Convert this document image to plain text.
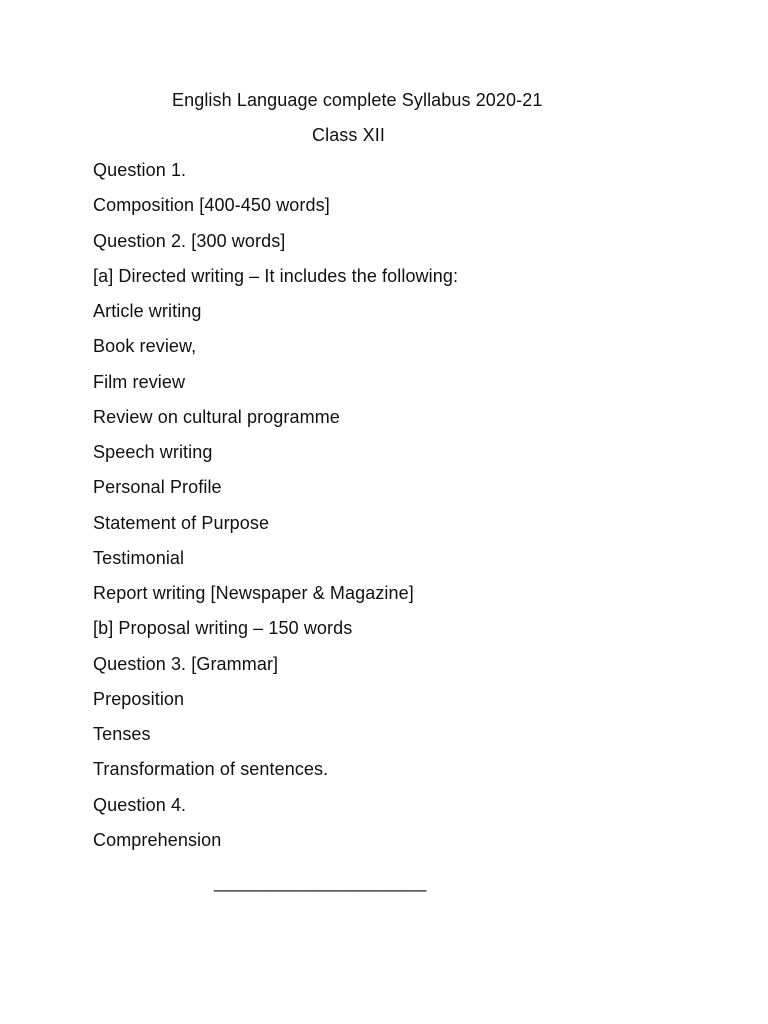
English Language complete Syllabus 2020-21
Class XII
Question 1.
Composition [400-450 words]
Question 2. [300 words]
[a] Directed writing – It includes the following:
Article writing
Book review,
Film review
Review on cultural programme
Speech writing
Personal Profile
Statement of Purpose
Testimonial
Report writing [Newspaper & Magazine]
[b] Proposal writing – 150 words
Question 3. [Grammar]
Preposition
Tenses
Transformation of sentences.
Question 4.
Comprehension
_____________________
